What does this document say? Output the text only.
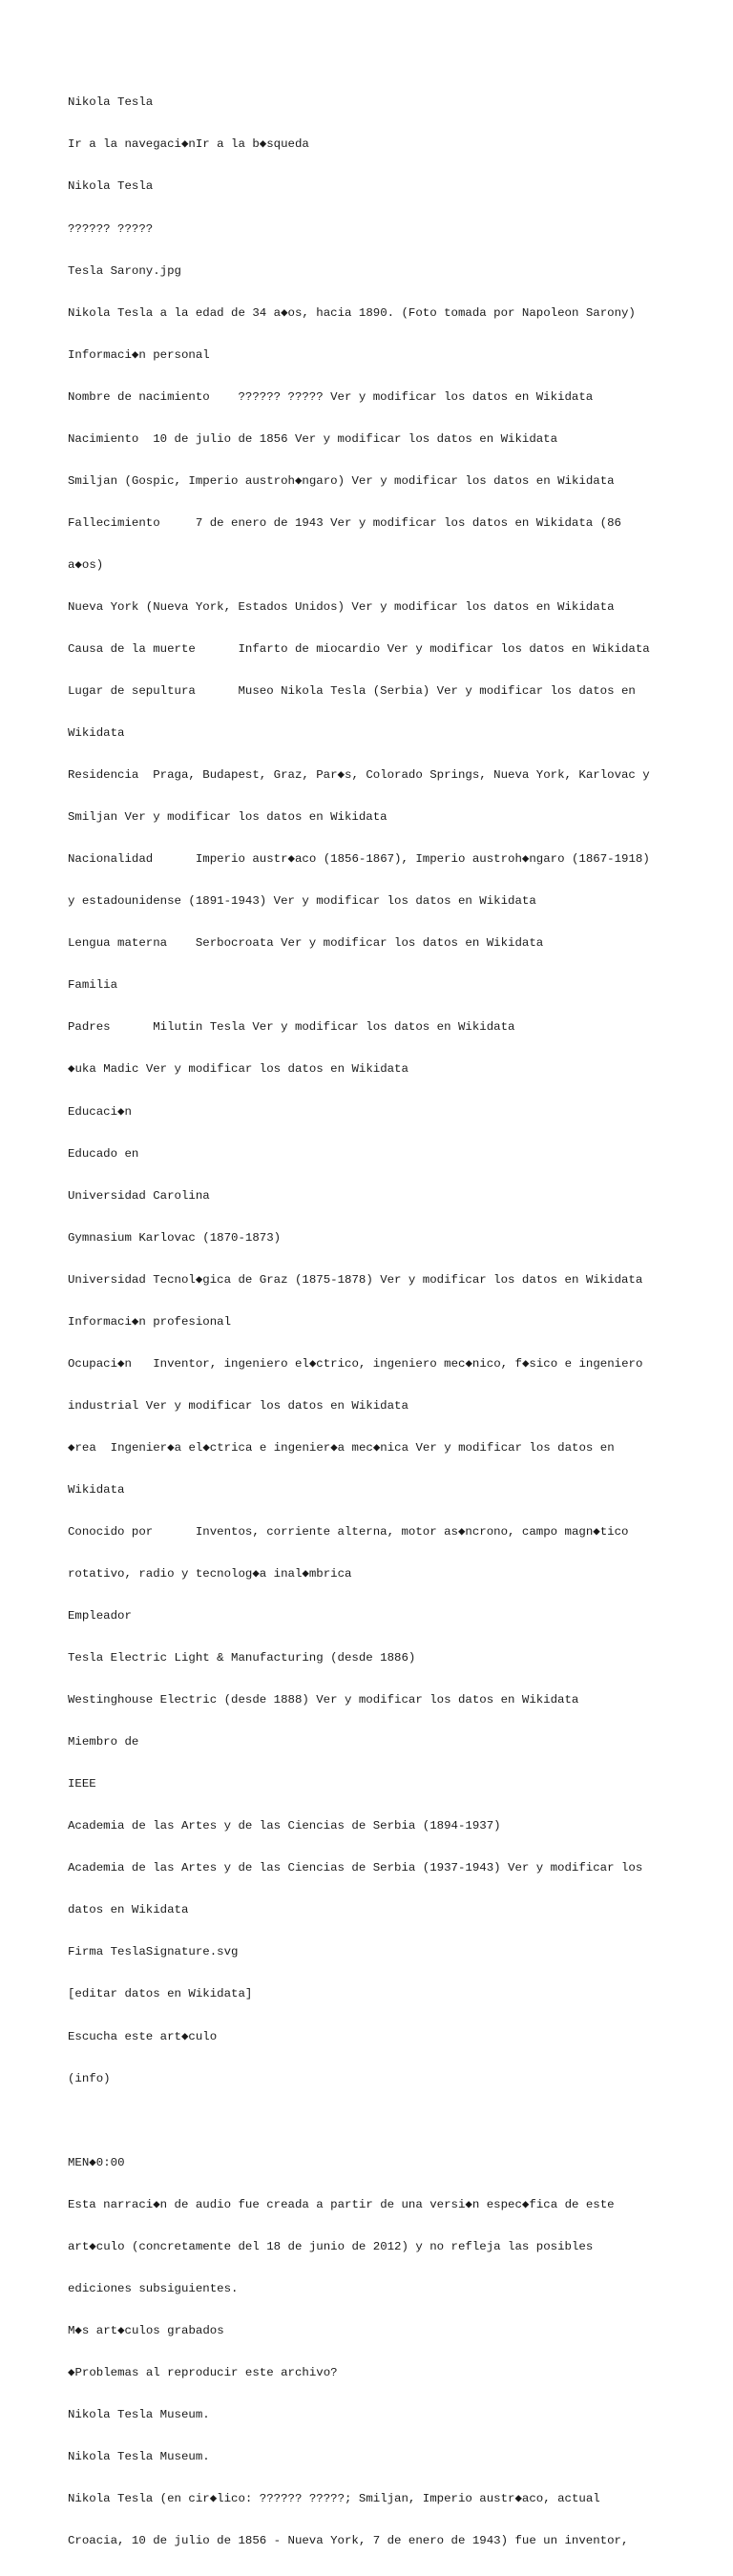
Nikola Tesla

Ir a la navegaci◆nIr a la b◆squeda

Nikola Tesla

?????? ?????

Tesla Sarony.jpg

Nikola Tesla a la edad de 34 a◆os, hacia 1890. (Foto tomada por Napoleon Sarony)

Informaci◆n personal

Nombre de nacimiento    ?????? ????? Ver y modificar los datos en Wikidata

Nacimiento  10 de julio de 1856 Ver y modificar los datos en Wikidata

Smiljan (Gospic, Imperio austroh◆ngaro) Ver y modificar los datos en Wikidata

Fallecimiento     7 de enero de 1943 Ver y modificar los datos en Wikidata (86

a◆os)

Nueva York (Nueva York, Estados Unidos) Ver y modificar los datos en Wikidata

Causa de la muerte      Infarto de miocardio Ver y modificar los datos en Wikidata

Lugar de sepultura      Museo Nikola Tesla (Serbia) Ver y modificar los datos en

Wikidata

Residencia  Praga, Budapest, Graz, Par◆s, Colorado Springs, Nueva York, Karlovac y

Smiljan Ver y modificar los datos en Wikidata

Nacionalidad      Imperio austr◆aco (1856-1867), Imperio austroh◆ngaro (1867-1918)

y estadounidense (1891-1943) Ver y modificar los datos en Wikidata

Lengua materna    Serbocroata Ver y modificar los datos en Wikidata

Familia

Padres      Milutin Tesla Ver y modificar los datos en Wikidata

◆uka Madic Ver y modificar los datos en Wikidata

Educaci◆n

Educado en

Universidad Carolina

Gymnasium Karlovac (1870-1873)

Universidad Tecnol◆gica de Graz (1875-1878) Ver y modificar los datos en Wikidata

Informaci◆n profesional

Ocupaci◆n   Inventor, ingeniero el◆ctrico, ingeniero mec◆nico, f◆sico e ingeniero

industrial Ver y modificar los datos en Wikidata

◆rea  Ingenier◆a el◆ctrica e ingenier◆a mec◆nica Ver y modificar los datos en

Wikidata

Conocido por      Inventos, corriente alterna, motor as◆ncrono, campo magn◆tico

rotativo, radio y tecnolog◆a inal◆mbrica

Empleador

Tesla Electric Light & Manufacturing (desde 1886)

Westinghouse Electric (desde 1888) Ver y modificar los datos en Wikidata

Miembro de

IEEE

Academia de las Artes y de las Ciencias de Serbia (1894-1937)

Academia de las Artes y de las Ciencias de Serbia (1937-1943) Ver y modificar los

datos en Wikidata

Firma TeslaSignature.svg

[editar datos en Wikidata]

Escucha este art◆culo

(info)

MEN◆0:00

Esta narraci◆n de audio fue creada a partir de una versi◆n espec◆fica de este

art◆culo (concretamente del 18 de junio de 2012) y no refleja las posibles

ediciones subsiguientes.

M◆s art◆culos grabados

◆Problemas al reproducir este archivo?

Nikola Tesla Museum.

Nikola Tesla Museum.

Nikola Tesla (en cir◆lico: ?????? ?????; Smiljan, Imperio austr◆aco, actual

Croacia, 10 de julio de 1856 - Nueva York, 7 de enero de 1943) fue un inventor,
